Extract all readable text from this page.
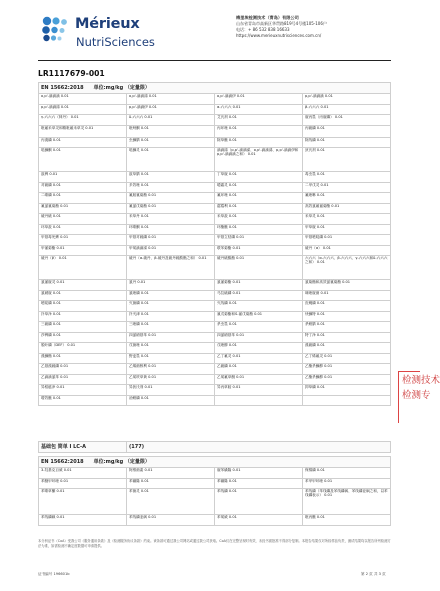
Mérieux
NutriSciences
梅里埃检测技术（青岛）有限公司
山东省青岛市高新区华贯路819号4号楼105-106户
电话：+ 86 532 838 16633
https://www.merieuxnutrisciences.com.cn/
LR1117679-001
EN 15662:2018 单位:mg/kg （定量限）			
o,p'-滴滴滴 0.01	o,p'-滴滴涕 0.01	o,p'-滴滴伊 0.01	p,p'-滴滴滴 0.01
p,p'-滴滴涕 0.01	p,p'-滴滴伊 0.01	α-六六六 0.01	β-六六六 0.01
γ-六六六（林丹） 0.01	δ-六六六 0.01	艾氏剂 0.01	胺丙畏（丙胺磷） 0.01
吡氟禾草灵和精吡氟禾草灵 0.01	吡蚜酮 0.01	丙环唑 0.01	丙硫磷 0.01
丙溴磷 0.01	虫螨腈 0.01	除草醚 0.01	除线磷 0.01
哒螨酮 0.01	哒螨灵 0.01	滴滴涕（p,p'-滴滴涕、o,p'-滴滴涕、p,p'-滴滴伊和p,p'-滴滴滴之和） 0.01	狄氏剂 0.01
敌稗 0.01	敌草腈 0.01	丁草胺 0.01	毒虫畏 0.01
对硫磷 0.01	多效唑 0.01	噁霜灵 0.01	二甲戊灵 0.01
二嗪磷 0.01	氟胺氰菊酯 0.01	氟环唑 0.01	氟唑啉 0.01
氟氯氰菊酯 0.01	氟氯戊菊酯 0.01	腐霉利 0.01	高效氯氟氰菊酯 0.01
硫丹硫 0.01	禾草丹 0.01	禾草敌 0.01	禾草灵 0.01
环草敌 0.01	环嗪酮 0.01	环酯醚 0.01	甲草胺 0.01
甲基毒死蜱 0.01	甲基对硫磷 0.01	甲基立枯磷 0.01	甲基嘧啶磷 0.01
甲氰菊酯 0.01	甲氧滴滴涕 0.01	联苯菊酯 0.01	硫丹（α） 0.01
硫丹（β） 0.01	硫丹（α-硫丹、β-硫丹及硫丹硫酸酯之和） 0.01	硫丹硫酸酯 0.01	六六六（α-六六六、β-六六六、γ-六六六和δ-六六六之和） 0.01
氯氰胺灵 0.01	氯丹 0.01	氯氰菊酯 0.01	氯菊酯和高效氯氰菊酯 0.01
氯硝胺 0.01	氯唑磷 0.01	马拉硫磷 0.01	咪唑胺菌 0.01
嘧啶磷 0.01	灭菌磷 0.01	灭线磷 0.01	皮蝇磷 0.01
扑草净 0.01	扑灭津 0.01	氰戊菊酯和S-氰戊菊酯 0.01	炔螨特 0.01
三硫磷 0.01	三唑磷 0.01	杀虫畏 0.01	杀螟腈 0.01
莎稗磷 0.01	四氯硝基苯 0.01	四氯硝基苯 0.01	特丁净 0.01
脱叶磷（DEF） 0.01	戊菌唑 0.01	戊唑醇 0.01	溴硫磷 0.01
溴螨酯 0.01	野麦畏 0.01	乙丁氟灵 0.01	乙丁烯氟灵 0.01
乙基溴硫磷 0.01	乙烯菌核利 0.01	乙硫磷 0.01	乙酯杀螨醇 0.01
乙滴滴氯苯 0.01	乙氧呋草黄 0.01	乙氧氟草醚 0.01	乙酯杀螨醇 0.01
异稻瘟净 0.01	异狄氏剂 0.01	异丙草胺 0.01	抑草磷 0.01
增效醚 0.01	治螟磷 0.01		
基础包 简单 I LC-A	(177)
EN 15662:2018 单位:mg/kg （定量限）			
3-羟基克百威 0.01	阿维菌素 0.01	胺苯磺隆 0.01	保棉磷 0.01
苯醚甲环唑 0.01	苯磺隆 0.01	苯磺隆 0.01	苯甲甲环唑 0.01
苯嗪草酮 0.01	苯菌灵 0.01	苯线磷 0.01	苯线磷（苯线磷及苯线磷砜、苯线磷亚砜之和，以苯线磷表示） 0.01
苯线磷砜 0.01	苯线磷亚砜 0.01	苯氧威 0.01	吡丙醚 0.01
检测技术
检测专
本分析证书（CoA）受我公司《服务通用条款》及《检测服务协议条款》约束。该条款可通过我公司网站或通过我公司获取。CoA仅在完整呈现时有效，未经书面批准不得部分复制。本报告结果仅对所检样品负责，测试结果均以报告所列检测方法为准，如需检测不确定度数据可申请提供。
证书编号 196601b	第 2 页 共 3 页
